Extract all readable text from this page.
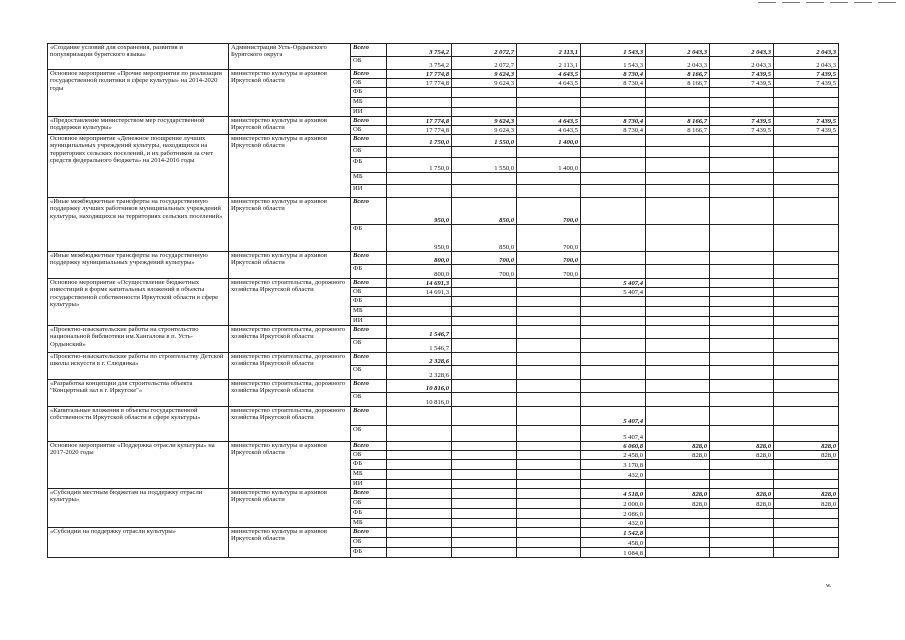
«Создание условий для сохранения, развития и популяризации бурятского языка»	Администрация Усть-Ордынского Бурятского округа	Всего	3 754,2	2 072,7	2 113,1	1 543,3	2 043,3	2 043,3	2 043,3
		ОБ	3 754,2	2 072,7	2 113,1	1 543,3	2 043,3	2 043,3	2 043,3
Основное мероприятие «Прочие мероприятия по реализации государственной политики в сфере культуры» на 2014-2020 годы	министерство культуры и архивов Иркутской области	Всего	17 774,8	9 624,3	4 643,5	8 730,4	8 166,7	7 439,5	7 439,5
		ОБ	17 774,8	9 624,3	4 643,5	8 730,4	8 166,7	7 439,5	7 439,5
		ФБ							
		МБ							
		ИИ							
«Предоставление министерством мер государственной поддержки культуры»	министерство культуры и архивов Иркутской области	Всего	17 774,8	9 624,3	4 643,5	8 730,4	8 166,7	7 439,5	7 439,5
		ОБ	17 774,8	9 624,3	4 643,5	8 730,4	8 166,7	7 439,5	7 439,5
Основное мероприятие «Денежное поощрение лучших муниципальных учреждений культуры, находящихся на территориях сельских поселений, и их работников за счет средств федерального бюджета» на 2014-2016 годы	министерство культуры и архивов Иркутской области	Всего	1 750,0	1 550,0	1 400,0				
		ОБ							
		ФБ	1 750,0	1 550,0	1 400,0				
		МБ							
		ИИ							
«Иные межбюджетные трансферты на государственную поддержку лучших работников муниципальных учреждений культуры, находящихся на территориях сельских поселений»	министерство культуры и архивов Иркутской области	Всего	950,0	850,0	700,0				
		ФБ	950,0	850,0	700,0				
«Иные межбюджетные трансферты на государственную поддержку муниципальных учреждений культуры»	министерство культуры и архивов Иркутской области	Всего	800,0	700,0	700,0				
		ФБ	800,0	700,0	700,0				
Основное мероприятие «Осуществление бюджетных инвестиций в форме капитальных вложений в объекты государственной собственности Иркутской области в сфере культуры»	министерство строительства, дорожного хозяйства Иркутской области	Всего	14 691,3			5 407,4			
		ОБ	14 691,3			5 407,4			
		ФБ							
		МБ							
		ИИ							
«Проектно-изыскательские работы на строительство национальной библиотеки им.Хангалова в п. Усть-Ордынский»	министерство строительства, дорожного хозяйства Иркутской области	Всего	1 546,7						
		ОБ	1 546,7						
«Проектно-изыскательские работы по строительству Детской школы искусств в г. Слюдянка»	министерство строительства, дорожного хозяйства Иркутской области	Всего	2 328,6						
		ОБ	2 328,6						
«Разработка концепции для строительства объекта "Концертный зал в г. Иркутске"»	министерство строительства, дорожного хозяйства Иркутской области	Всего	10 816,0						
		ОБ	10 816,0						
«Капитальные вложения в объекты государственной собственности Иркутской области в сфере культуры»	министерство строительства, дорожного хозяйства Иркутской области	Всего				5 407,4			
		ОБ				5 407,4			
Основное мероприятие «Поддержка отрасли культуры» на 2017-2020 годы	министерство культуры и архивов Иркутской области	Всего				6 060,8	828,0	828,0	828,0
		ОБ				2 458,0	828,0	828,0	828,0
		ФБ				3 170,8			
		МБ				432,0			
		ИИ							
«Субсидии местным бюджетам на поддержку отрасли культуры»	министерство культуры и архивов Иркутской области	Всего				4 518,0	828,0	828,0	828,0
		ОБ				2 000,0	828,0	828,0	828,0
		ФБ				2 086,0			
		МБ				432,0			
«Субсидии на поддержку отрасли культуры»	министерство культуры и архивов Иркутской области	Всего				1 542,8			
		ОБ				458,0			
		ФБ				1 084,8			
w.
